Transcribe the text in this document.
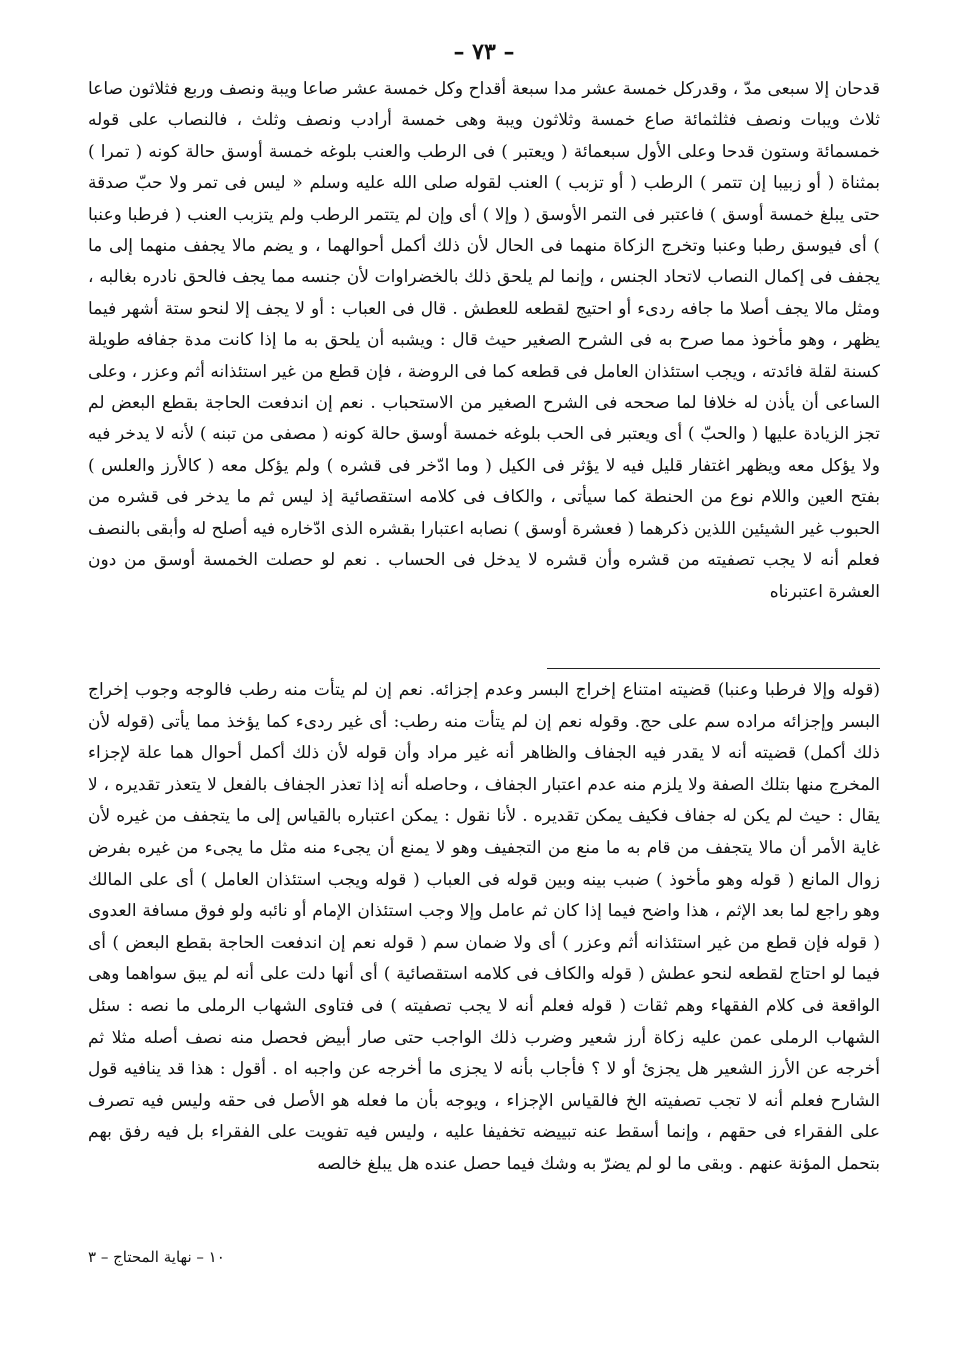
– ٧٣ –
قدحان إلا سبعى مدّ ، وقدركل خمسة عشر مدا سبعة أقداح وكل خمسة عشر صاعا ويبة ونصف وربع فثلاثون صاعا ثلاث ويبات ونصف فثلثمائة صاع خمسة وثلاثون ويبة وهى خمسة أرادب ونصف وثلث ، فالنصاب على قوله خمسمائة وستون قدحا وعلى الأول سبعمائة ( ويعتبر ) فى الرطب والعنب بلوغه خمسة أوسق حالة كونه ( تمرا ) بمثناة ( أو زبيبا إن تتمر ) الرطب ( أو تزبب ) العنب لقوله صلى الله عليه وسلم « ليس فى تمر ولا حبّ صدقة حتى يبلغ خمسة أوسق ) فاعتبر فى التمر الأوسق ( وإلا ) أى وإن لم يتتمر الرطب ولم يتزبب العنب ( فرطبا وعنبا ) أى فيوسق رطبا وعنبا وتخرج الزكاة منهما فى الحال لأن ذلك أكمل أحوالهما ، و يضم مالا يجفف منهما إلى ما يجفف فى إكمال النصاب لاتحاد الجنس ، وإنما لم يلحق ذلك بالخضراوات لأن جنسه مما يجف فالحق نادره بغالبه ، ومثل مالا يجف أصلا ما جافه ردىء أو احتيج لقطعه للعطش . قال فى العباب : أو لا يجف إلا لنحو ستة أشهر فيما يظهر ، وهو مأخوذ مما صرح به فى الشرح الصغير حيث قال : ويشبه أن يلحق به ما إذا كانت مدة جفافه طويلة كسنة لقلة فائدته ، ويجب استئذان العامل فى قطعه كما فى الروضة ، فإن قطع من غير استئذانه أثم وعزر ، وعلى الساعى أن يأذن له خلافا لما صححه فى الشرح الصغير من الاستحباب . نعم إن اندفعت الحاجة بقطع البعض لم تجز الزيادة عليها ( والحبّ ) أى ويعتبر فى الحب بلوغه خمسة أوسق حالة كونه ( مصفى من تبنه ) لأنه لا يدخر فيه ولا يؤكل معه ويظهر اغتفار قليل فيه لا يؤثر فى الكيل ( وما ادّخر فى قشره ) ولم يؤكل معه ( كالأرز والعلس ) بفتح العين واللام نوع من الحنطة كما سيأتى ، والكاف فى كلامه استقصائية إذ ليس ثم ما يدخر فى قشره من الحبوب غير الشيئين اللذين ذكرهما ( فعشرة أوسق ) نصابه اعتبارا بقشره الذى ادّخاره فيه أصلح له وأبقى بالنصف فعلم أنه لا يجب تصفيته من قشره وأن قشره لا يدخل فى الحساب . نعم لو حصلت الخمسة أوسق من دون العشرة اعتبرناه
(قوله وإلا فرطبا وعنبا) قضيته امتناع إخراج البسر وعدم إجزائه. نعم إن لم يتأت منه رطب فالوجه وجوب إخراج البسر وإجزائه مراده سم على حج. وقوله نعم إن لم يتأت منه رطب: أى غير ردىء كما يؤخذ مما يأتى (قوله لأن ذلك أكمل) قضيته أنه لا يقدر فيه الجفاف والظاهر أنه غير مراد وأن قوله لأن ذلك أكمل أحوال هما علة لإجزاء المخرج منها بتلك الصفة ولا يلزم منه عدم اعتبار الجفاف ، وحاصله أنه إذا تعذر الجفاف بالفعل لا يتعذر تقديره ، لا يقال : حيث لم يكن له جفاف فكيف يمكن تقديره . لأنا نقول : يمكن اعتباره بالقياس إلى ما يتجفف من غيره لأن غاية الأمر أن مالا يتجفف من قام به ما منع من التجفيف وهو لا يمنع أن يجىء منه مثل ما يجىء من غيره بفرض زوال المانع ( قوله وهو مأخوذ ) ضبب بينه وبين قوله فى العباب ( قوله ويجب استئذان العامل ) أى على المالك وهو راجع لما بعد الإثم ، هذا واضح فيما إذا كان ثم عامل وإلا وجب استئذان الإمام أو نائبه ولو فوق مسافة العدوى ( قوله فإن قطع من غير استئذانه أثم وعزر ) أى ولا ضمان سم ( قوله نعم إن اندفعت الحاجة بقطع البعض ) أى فيما لو احتاج لقطعه لنحو عطش ( قوله والكاف فى كلامه استقصائية ) أى أنها دلت على أنه لم يبق سواهما وهى الواقعة فى كلام الفقهاء وهم ثقات ( قوله فعلم أنه لا يجب تصفيته ) فى فتاوى الشهاب الرملى ما نصه : سئل الشهاب الرملى عمن عليه زكاة أرز شعير وضرب ذلك الواجب حتى صار أبيض فحصل منه نصف أصله مثلا ثم أخرجه عن الأرز الشعير هل يجزئ أو لا ؟ فأجاب بأنه لا يجزى ما أخرجه عن واجبه اه . أقول : هذا قد ينافيه قول الشارح فعلم أنه لا تجب تصفيته الخ فالقياس الإجزاء ، ويوجه بأن ما فعله هو الأصل فى حقه وليس فيه تصرف على الفقراء فى حقهم ، وإنما أسقط عنه تبييضه تخفيفا عليه ، وليس فيه تفويت على الفقراء بل فيه رفق بهم بتحمل المؤنة عنهم . وبقى ما لو لم يضرّ به وشك فيما حصل عنده هل يبلغ خالصه
١٠ – نهاية المحتاج – ٣
